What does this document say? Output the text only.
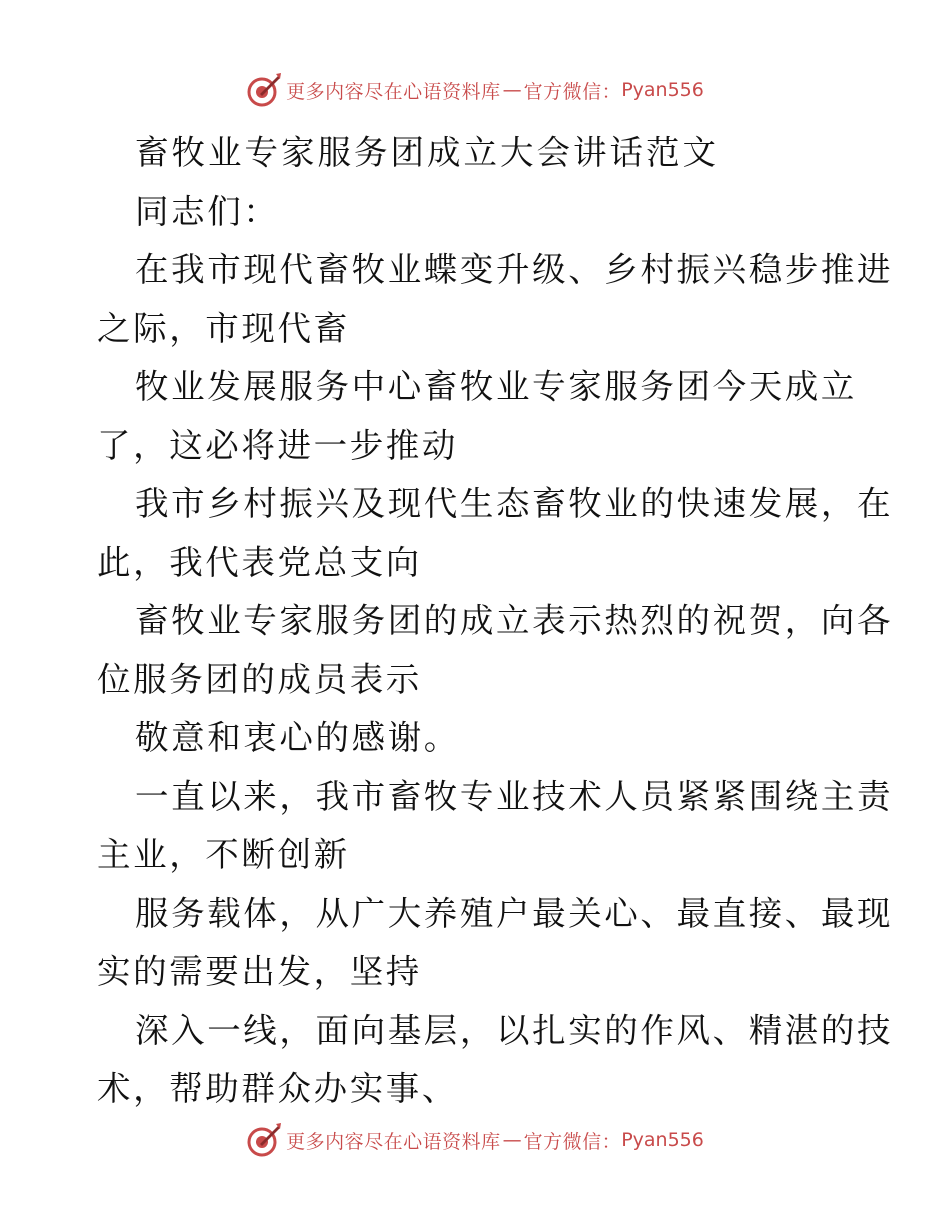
更多内容尽在心语资料库 — 官方微信： Pyan556
畜牧业专家服务团成立大会讲话范文
同志们：
在我市现代畜牧业蝶变升级、乡村振兴稳步推进
之际，市现代畜
牧业发展服务中心畜牧业专家服务团今天成立
了，这必将进一步推动
我市乡村振兴及现代生态畜牧业的快速发展，在
此，我代表党总支向
畜牧业专家服务团的成立表示热烈的祝贺，向各
位服务团的成员表示
敬意和衷心的感谢。
一直以来，我市畜牧专业技术人员紧紧围绕主责
主业，不断创新
服务载体，从广大养殖户最关心、最直接、最现
实的需要出发，坚持
深入一线，面向基层，以扎实的作风、精湛的技
术，帮助群众办实事、
更多内容尽在心语资料库 — 官方微信： Pyan556
